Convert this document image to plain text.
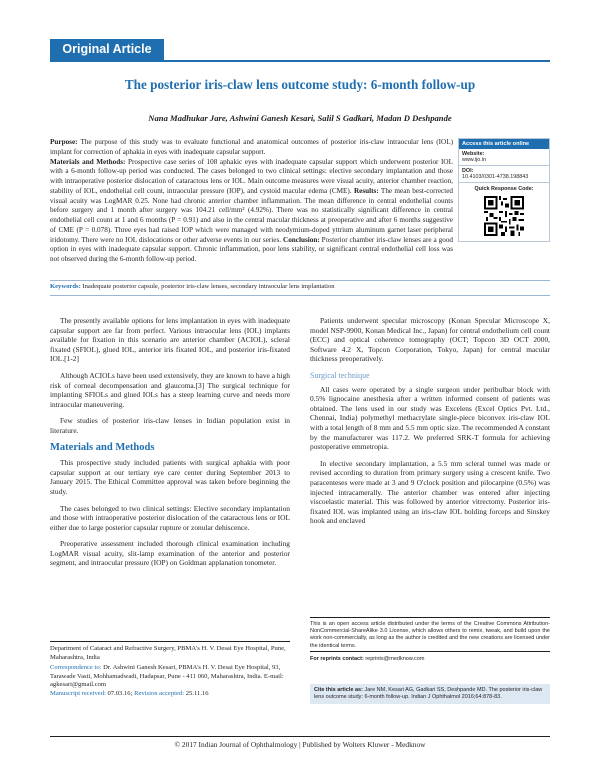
Original Article
The posterior iris-claw lens outcome study: 6-month follow-up
Nana Madhukar Jare, Ashwini Ganesh Kesari, Salil S Gadkari, Madan D Deshpande

Purpose: The purpose of this study was to evaluate functional and anatomical outcomes of posterior iris-claw intraocular lens (IOL) implant for correction of aphakia in eyes with inadequate capsular support.

Materials and Methods: Prospective case series of 108 aphakic eyes with inadequate capsular support which underwent posterior IOL with a 6-month follow-up period was conducted. The cases belonged to two clinical settings: elective secondary implantation and those with intraoperative posterior dislocation of cataractous lens or IOL. Main outcome measures were visual acuity, anterior chamber reaction, stability of IOL, endothelial cell count, intraocular pressure (IOP), and cystoid macular edema (CME). Results: The mean best-corrected visual acuity was LogMAR 0.25. None had chronic anterior chamber inflammation. The mean difference in central endothelial counts before surgery and 1 month after surgery was 104.21 cell/mm² (4.92%). There was no statistically significant difference in central endothelial cell count at 1 and 6 months (P = 0.91) and also in the central macular thickness at preoperative and after 6 months suggestive of CME (P = 0.078). Three eyes had raised IOP which were managed with neodymium-doped yttrium aluminum garnet laser peripheral iridotomy. There were no IOL dislocations or other adverse events in our series. Conclusion: Posterior chamber iris-claw lenses are a good option in eyes with inadequate capsular support. Chronic inflammation, poor lens stability, or significant central endothelial cell loss was not observed during the 6-month follow-up period.

Access this article online
Website:
www.ijo.in
DOI:
10.4103/0301-4738.198843
Quick Response Code:
Keywords: Inadequate posterior capsule, posterior iris-claw lenses, secondary intraocular lens implantation

The presently available options for lens implantation in eyes with inadequate capsular support are far from perfect. Various intraocular lens (IOL) implants available for fixation in this scenario are anterior chamber (ACIOL), scleral fixated (SFIOL), glued IOL, anterior iris fixated IOL, and posterior iris-fixated IOL.[1-2]

Although ACIOLs have been used extensively, they are known to have a high risk of corneal decompensation and glaucoma.[3] The surgical technique for implanting SFIOLs and glued IOLs has a steep learning curve and needs more intraocular maneuvering.

Few studies of posterior iris-claw lenses in Indian population exist in literature.

Materials and Methods

This prospective study included patients with surgical aphakia with poor capsular support at our tertiary eye care center during September 2013 to January 2015. The Ethical Committee approval was taken before beginning the study.

The cases belonged to two clinical settings: Elective secondary implantation and those with intraoperative posterior dislocation of the cataractous lens or IOL either due to large posterior capsular rupture or zonular dehiscence.

Preoperative assessment included thorough clinical examination including LogMAR visual acuity, slit-lamp examination of the anterior and posterior segment, and intraocular pressure (IOP) on Goldman applanation tonometer.

Patients underwent specular microscopy (Konan Specular Microscope X, model NSP-9900, Konan Medical Inc., Japan) for central endothelium cell count (ECC) and optical coherence tomography (OCT; Topcon 3D OCT 2000, Software 4.2 X, Topcon Corporation, Tokyo, Japan) for central macular thickness preoperatively.

Surgical technique

All cases were operated by a single surgeon under peribulbar block with 0.5% lignocaine anesthesia after a written informed consent of patients was obtained. The lens used in our study was Excelens (Excel Optics Pvt. Ltd., Chennai, India) polymethyl methacrylate single-piece biconvex iris-claw IOL with a total length of 8 mm and 5.5 mm optic size. The recommended A constant by the manufacturer was 117.2. We preferred SRK-T formula for achieving postoperative emmetropia.

In elective secondary implantation, a 5.5 mm scleral tunnel was made or revised according to duration from primary surgery using a crescent knife. Two paracenteses were made at 3 and 9 O'clock position and pilocarpine (0.5%) was injected intracamerally. The anterior chamber was entered after injecting viscoelastic material. This was followed by anterior vitrectomy. Posterior iris-fixated IOL was implanted using an iris-claw IOL holding forceps and Sinskey hook and enclaved

Department of Cataract and Refractive Surgery, PBMA's H. V. Desai Eye Hospital, Pune, Maharashtra, India
Correspondence to: Dr. Ashwini Ganesh Kesari, PBMA's H. V. Desai Eye Hospital, 93, Tarawade Vasti, Mohhamadwadi, Hadapsar, Pune - 411 060, Maharashtra, India. E-mail: agkesari@gmail.com
Manuscript received: 07.03.16; Revision accepted: 25.11.16
This is an open access article distributed under the terms of the Creative Commons Attribution-NonCommercial-ShareAlike 3.0 License, which allows others to remix, tweak, and build upon the work non-commercially, as long as the author is credited and the new creations are licensed under the identical terms.
For reprints contact: reprints@medknow.com
Cite this article as: Jare NM, Kesari AG, Gadkari SS, Deshpande MD. The posterior iris-claw lens outcome study: 6-month follow-up. Indian J Ophthalmol 2016;64:878-83.
© 2017 Indian Journal of Ophthalmology | Published by Wolters Kluwer - Medknow
